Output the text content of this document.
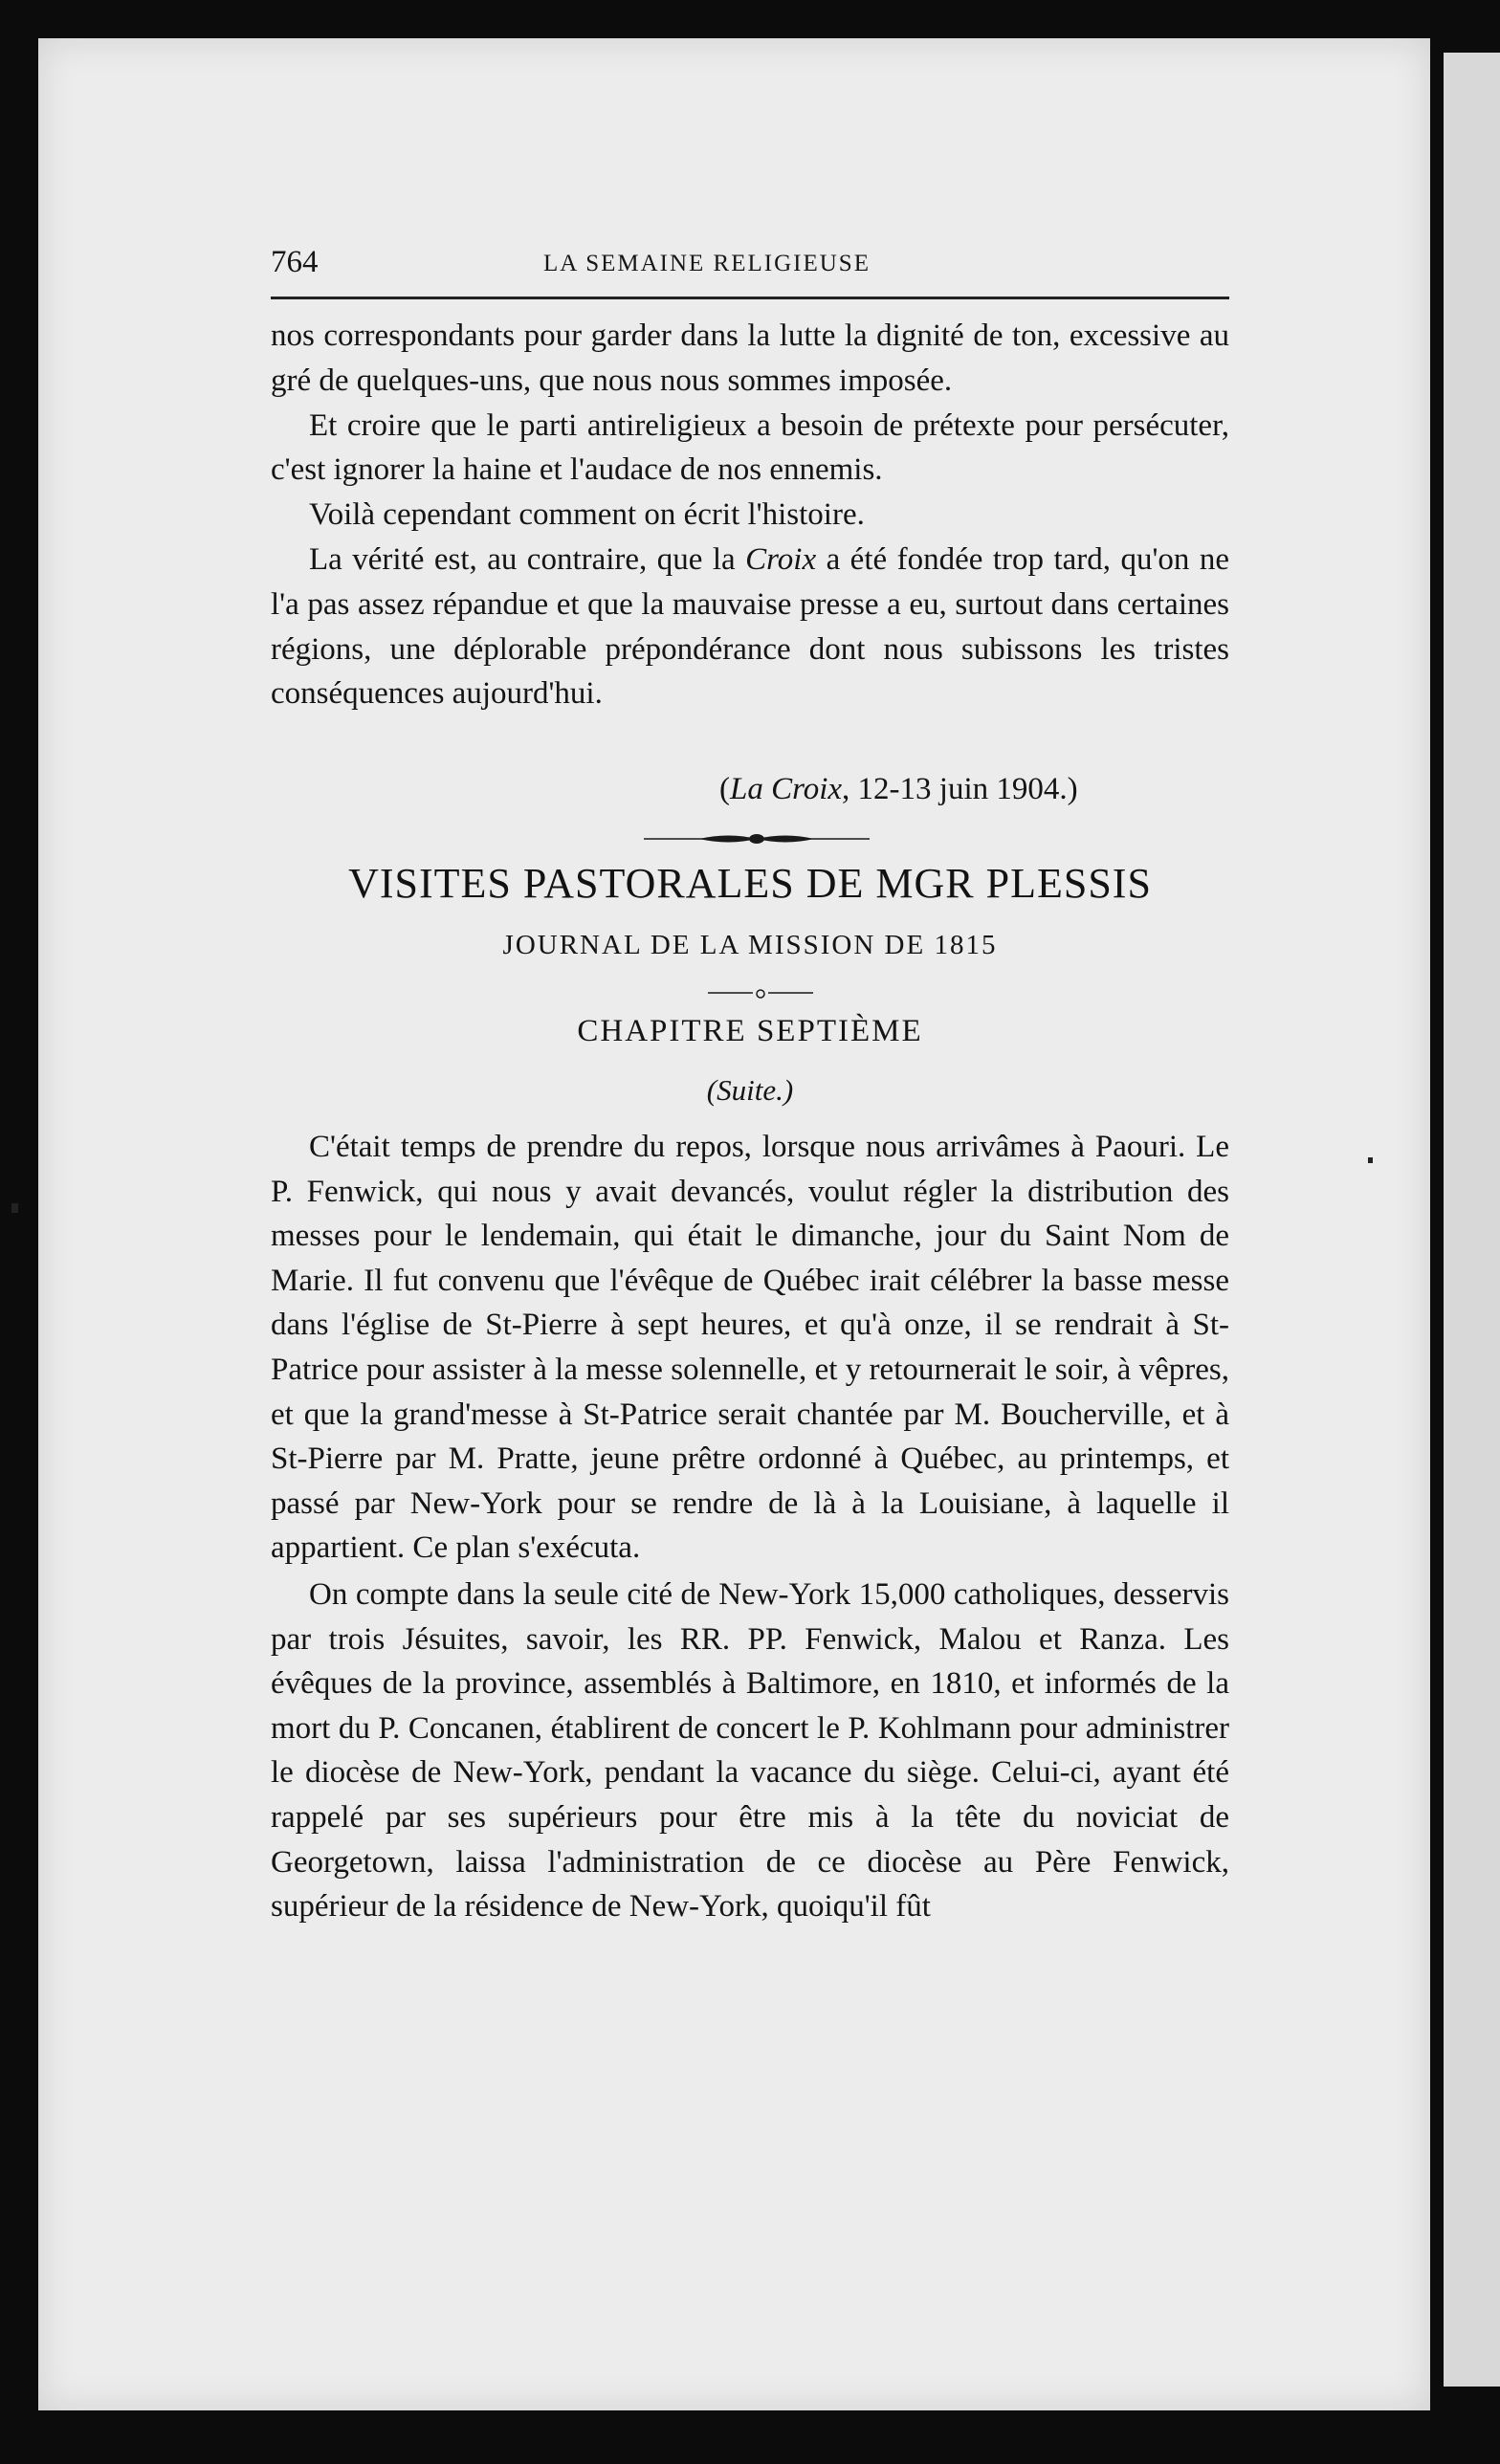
764	LA SEMAINE RELIGIEUSE

nos correspondants pour garder dans la lutte la dignité de ton, excessive au gré de quelques-uns, que nous nous sommes imposée.

Et croire que le parti antireligieux a besoin de prétexte pour persécuter, c'est ignorer la haine et l'audace de nos ennemis.

Voilà cependant comment on écrit l'histoire.

La vérité est, au contraire, que la Croix a été fondée trop tard, qu'on ne l'a pas assez répandue et que la mauvaise presse a eu, surtout dans certaines régions, une déplorable prépondérance dont nous subissons les tristes conséquences aujourd'hui.

(La Croix, 12-13 juin 1904.)
VISITES PASTORALES DE MGR PLESSIS
JOURNAL DE LA MISSION DE 1815
CHAPITRE SEPTIÈME
(Suite.)

C'était temps de prendre du repos, lorsque nous arrivâmes à Paouri. Le P. Fenwick, qui nous y avait devancés, voulut régler la distribution des messes pour le lendemain, qui était le dimanche, jour du Saint Nom de Marie. Il fut convenu que l'évêque de Québec irait célébrer la basse messe dans l'église de St-Pierre à sept heures, et qu'à onze, il se rendrait à St-Patrice pour assister à la messe solennelle, et y retournerait le soir, à vêpres, et que la grand'messe à St-Patrice serait chantée par M. Boucherville, et à St-Pierre par M. Pratte, jeune prêtre ordonné à Québec, au printemps, et passé par New-York pour se rendre de là à la Louisiane, à laquelle il appartient. Ce plan s'exécuta.

On compte dans la seule cité de New-York 15,000 catholiques, desservis par trois Jésuites, savoir, les RR. PP. Fenwick, Malou et Ranza. Les évêques de la province, assemblés à Baltimore, en 1810, et informés de la mort du P. Concanen, établirent de concert le P. Kohlmann pour administrer le diocèse de New-York, pendant la vacance du siège. Celui-ci, ayant été rappelé par ses supérieurs pour être mis à la tête du noviciat de Georgetown, laissa l'administration de ce diocèse au Père Fenwick, supérieur de la résidence de New-York, quoiqu'il fût
